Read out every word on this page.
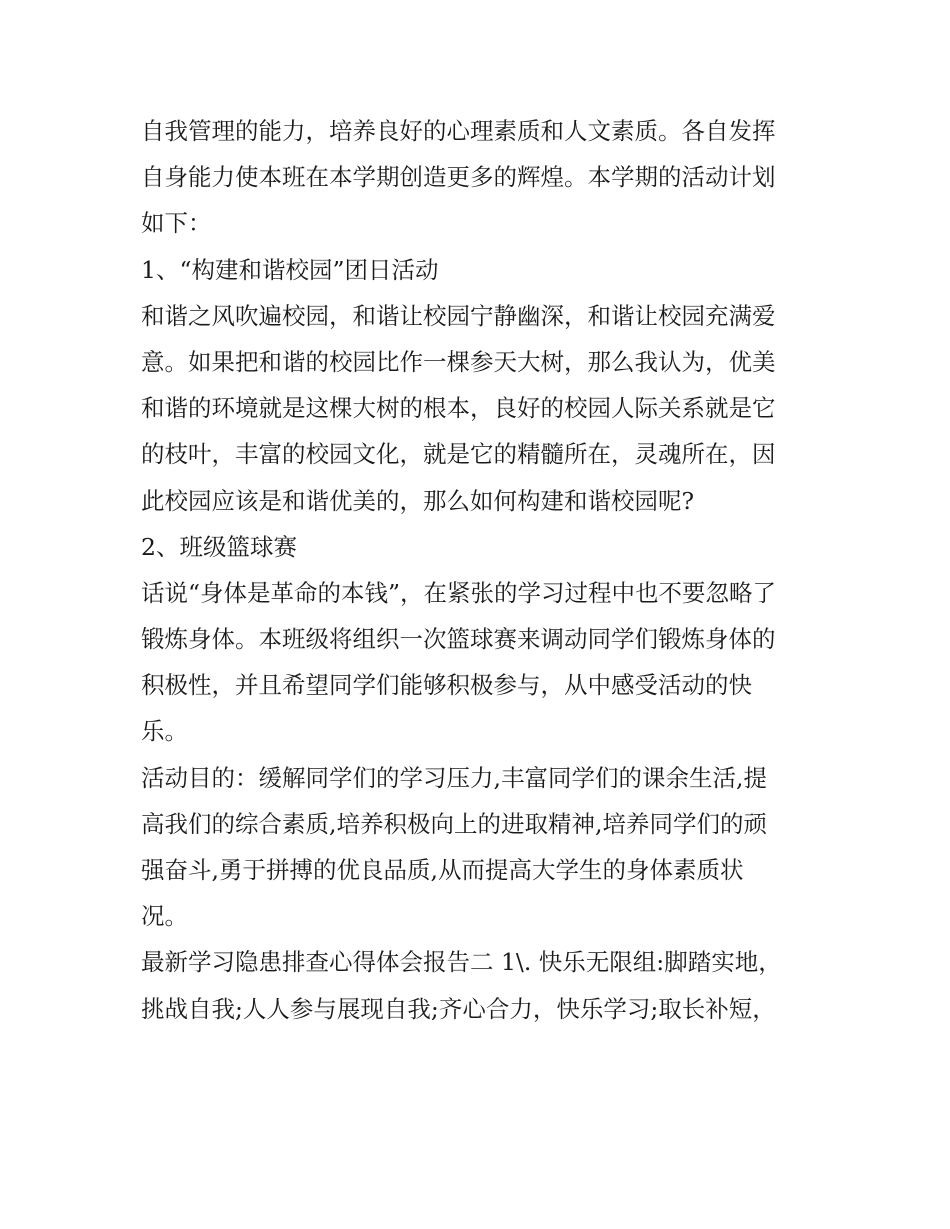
自我管理的能力，培养良好的心理素质和人文素质。各自发挥
自身能力使本班在本学期创造更多的辉煌。本学期的活动计划
如下：
1、“构建和谐校园”团日活动
和谐之风吹遍校园，和谐让校园宁静幽深，和谐让校园充满爱
意。如果把和谐的校园比作一棵参天大树，那么我认为，优美
和谐的环境就是这棵大树的根本，良好的校园人际关系就是它
的枝叶，丰富的校园文化，就是它的精髓所在，灵魂所在，因
此校园应该是和谐优美的，那么如何构建和谐校园呢?
2、班级篮球赛
话说“身体是革命的本钱”，在紧张的学习过程中也不要忽略了
锻炼身体。本班级将组织一次篮球赛来调动同学们锻炼身体的
积极性，并且希望同学们能够积极参与，从中感受活动的快
乐。
活动目的：缓解同学们的学习压力,丰富同学们的课余生活,提
高我们的综合素质,培养积极向上的进取精神,培养同学们的顽
强奋斗,勇于拼搏的优良品质,从而提高大学生的身体素质状
况。
最新学习隐患排查心得体会报告二 1\. 快乐无限组:脚踏实地，
挑战自我;人人参与展现自我;齐心合力，快乐学习;取长补短，
